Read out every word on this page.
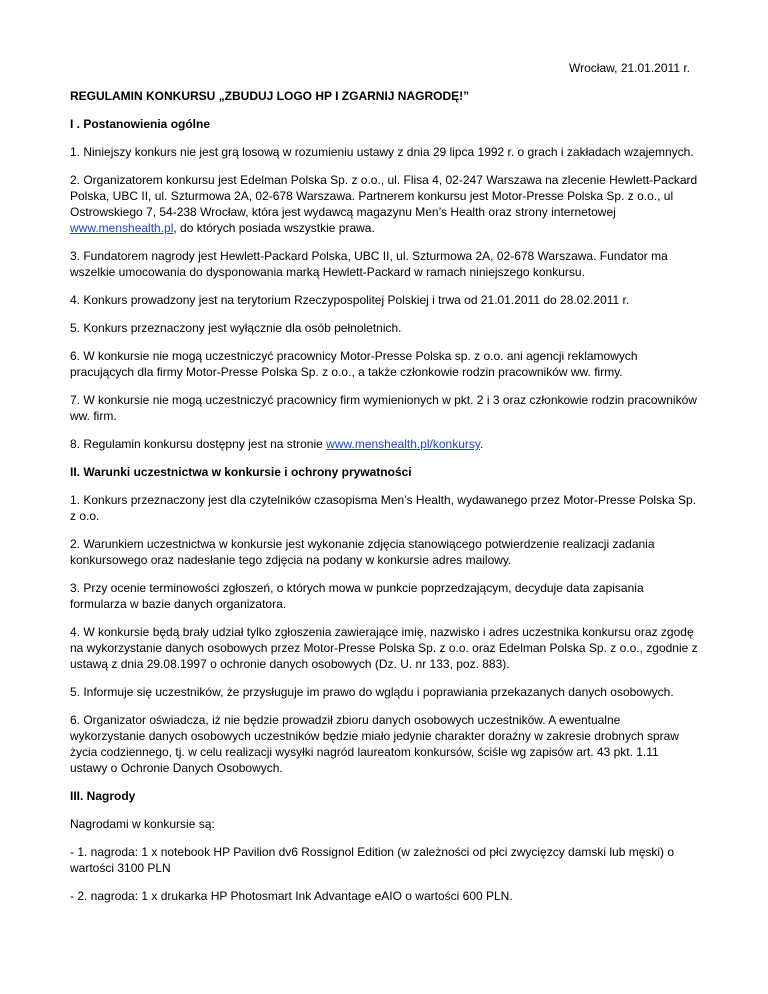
Wrocław, 21.01.2011 r.

REGULAMIN KONKURSU „ZBUDUJ LOGO HP I ZGARNIJ NAGRODĘ!”

I . Postanowienia ogólne

1. Niniejszy konkurs nie jest grą losową w rozumieniu ustawy z dnia 29 lipca 1992 r. o grach i zakładach wzajemnych.

2. Organizatorem konkursu jest Edelman Polska Sp. z o.o., ul. Flisa 4, 02-247 Warszawa na zlecenie Hewlett-Packard Polska, UBC II, ul. Szturmowa 2A, 02-678 Warszawa. Partnerem konkursu jest Motor-Presse Polska Sp. z o.o., ul Ostrowskiego 7, 54-238 Wrocław, która jest wydawcą magazynu Men’s Health oraz strony internetowej www.menshealth.pl, do których posiada wszystkie prawa.

3. Fundatorem nagrody jest Hewlett-Packard Polska, UBC II, ul. Szturmowa 2A, 02-678 Warszawa. Fundator ma wszelkie umocowania do dysponowania marką Hewlett-Packard w ramach niniejszego konkursu.

4. Konkurs prowadzony jest na terytorium Rzeczypospolitej Polskiej i trwa od 21.01.2011 do 28.02.2011 r.

5. Konkurs przeznaczony jest wyłącznie dla osób pełnoletnich.

6. W konkursie nie mogą uczestniczyć pracownicy Motor-Presse Polska sp. z o.o. ani agencji reklamowych pracujących dla firmy Motor-Presse Polska Sp. z o.o., a także członkowie rodzin pracowników ww. firmy.

7. W konkursie nie mogą uczestniczyć pracownicy firm wymienionych w pkt. 2 i 3 oraz członkowie rodzin pracowników ww. firm.

8. Regulamin konkursu dostępny jest na stronie www.menshealth.pl/konkursy.

II. Warunki uczestnictwa w konkursie i ochrony prywatności

1. Konkurs przeznaczony jest dla czytelników czasopisma Men’s Health, wydawanego przez Motor-Presse Polska Sp. z o.o.

2. Warunkiem uczestnictwa w konkursie jest wykonanie zdjęcia stanowiącego potwierdzenie realizacji zadania konkursowego oraz nadesłanie tego zdjęcia na podany w konkursie adres mailowy.

3. Przy ocenie terminowości zgłoszeń, o których mowa w punkcie poprzedzającym, decyduje data zapisania formularza w bazie danych organizatora.

4. W konkursie będą brały udział tylko zgłoszenia zawierające imię, nazwisko i adres uczestnika konkursu oraz zgodę na wykorzystanie danych osobowych przez Motor-Presse Polska Sp. z o.o. oraz Edelman Polska Sp. z o.o., zgodnie z ustawą z dnia 29.08.1997 o ochronie danych osobowych (Dz. U. nr 133, poz. 883).

5. Informuje się uczestników, że przysługuje im prawo do wglądu i poprawiania przekazanych danych osobowych.

6. Organizator oświadcza, iż nie będzie prowadził zbioru danych osobowych uczestników. A ewentualne wykorzystanie danych osobowych uczestników będzie miało jedynie charakter doraźny w zakresie drobnych spraw życia codziennego, tj. w celu realizacji wysyłki nagród laureatom konkursów, ściśle wg zapisów art. 43 pkt. 1.11 ustawy o Ochronie Danych Osobowych.

III. Nagrody

Nagrodami w konkursie są:

- 1. nagroda: 1 x notebook HP Pavilion dv6 Rossignol Edition (w zależności od płci zwycięzcy damski lub męski) o wartości 3100 PLN

- 2. nagroda: 1 x drukarka HP Photosmart Ink Advantage eAIO o wartości 600 PLN.
